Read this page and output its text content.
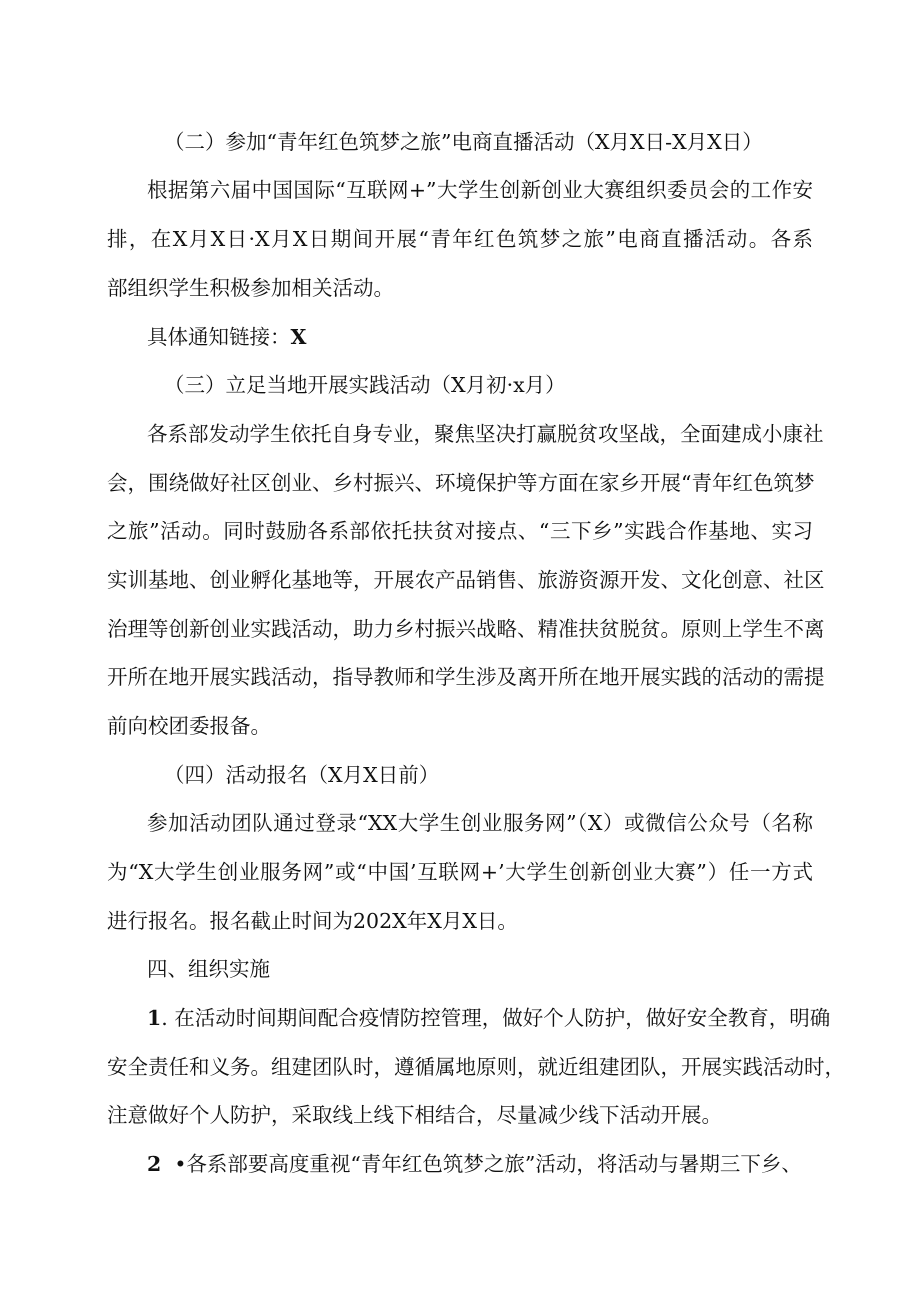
（二）参加“青年红色筑梦之旅”电商直播活动（X月X日-X月X日）
根据第六届中国国际“互联网+”大学生创新创业大赛组织委员会的工作安
排，在X月X日·X月X日期间开展“青年红色筑梦之旅”电商直播活动。各系
部组织学生积极参加相关活动。
具体通知链接：X
（三）立足当地开展实践活动（X月初·x月）
各系部发动学生依托自身专业，聚焦坚决打赢脱贫攻坚战，全面建成小康社
会，围绕做好社区创业、乡村振兴、环境保护等方面在家乡开展“青年红色筑梦
之旅”活动。同时鼓励各系部依托扶贫对接点、“三下乡”实践合作基地、实习
实训基地、创业孵化基地等，开展农产品销售、旅游资源开发、文化创意、社区
治理等创新创业实践活动，助力乡村振兴战略、精准扶贫脱贫。原则上学生不离
开所在地开展实践活动，指导教师和学生涉及离开所在地开展实践的活动的需提
前向校团委报备。
（四）活动报名（X月X日前）
参加活动团队通过登录“XX大学生创业服务网”（X）或微信公众号（名称
为“X大学生创业服务网”或“中国’互联网+’大学生创新创业大赛”）任一方式
进行报名。报名截止时间为202X年X月X日。
四、组织实施
1 . 在活动时间期间配合疫情防控管理，做好个人防护，做好安全教育，明确
安全责任和义务。组建团队时，遵循属地原则，就近组建团队，开展实践活动时，
注意做好个人防护，采取线上线下相结合，尽量减少线下活动开展。
2 •各系部要高度重视“青年红色筑梦之旅”活动，将活动与暑期三下乡、
